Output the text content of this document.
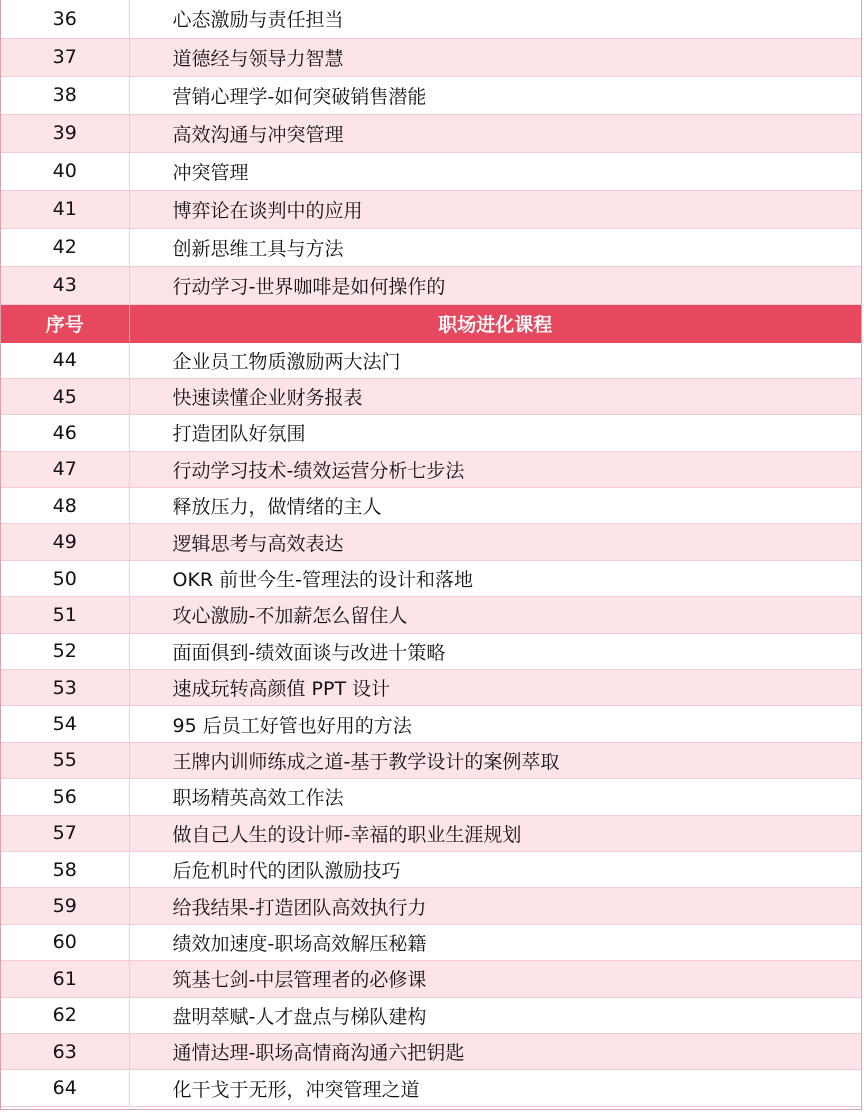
36	心态激励与责任担当
37	道德经与领导力智慧
38	营销心理学-如何突破销售潜能
39	高效沟通与冲突管理
40	冲突管理
41	博弈论在谈判中的应用
42	创新思维工具与方法
43	行动学习-世界咖啡是如何操作的
序号	职场进化课程
44	企业员工物质激励两大法门
45	快速读懂企业财务报表
46	打造团队好氛围
47	行动学习技术-绩效运营分析七步法
48	释放压力，做情绪的主人
49	逻辑思考与高效表达
50	OKR 前世今生-管理法的设计和落地
51	攻心激励-不加薪怎么留住人
52	面面俱到-绩效面谈与改进十策略
53	速成玩转高颜值 PPT 设计
54	95 后员工好管也好用的方法
55	王牌内训师练成之道-基于教学设计的案例萃取
56	职场精英高效工作法
57	做自己人生的设计师-幸福的职业生涯规划
58	后危机时代的团队激励技巧
59	给我结果-打造团队高效执行力
60	绩效加速度-职场高效解压秘籍
61	筑基七剑-中层管理者的必修课
62	盘明萃赋-人才盘点与梯队建构
63	通情达理-职场高情商沟通六把钥匙
64	化干戈于无形，冲突管理之道
